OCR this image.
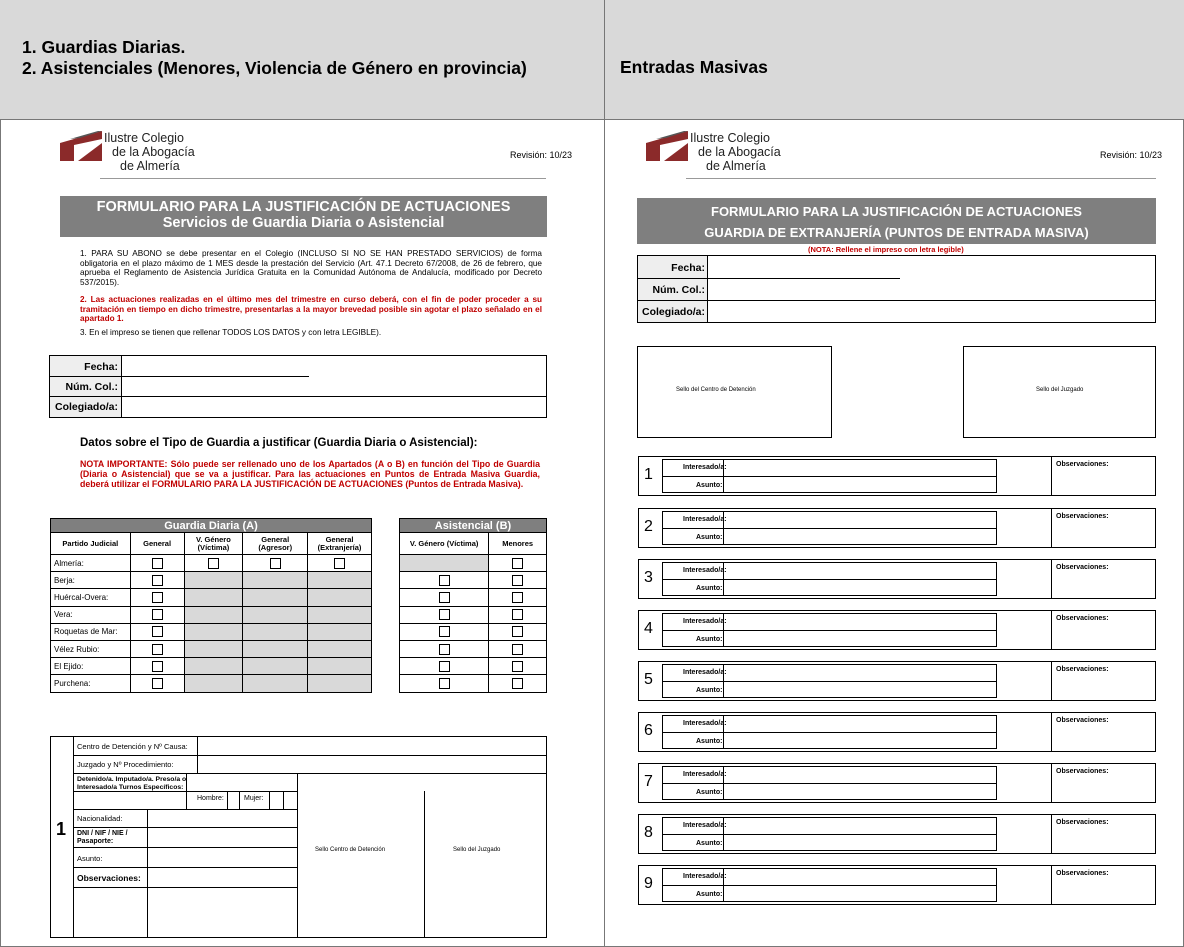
1. Guardias Diarias.
2. Asistenciales (Menores, Violencia de Género en provincia)	Entradas Masivas
Ilustre Colegio
de la Abogacía
de Almería
Revisión: 10/23
FORMULARIO PARA LA JUSTIFICACIÓN DE ACTUACIONES
Servicios de Guardia Diaria o Asistencial
1. PARA SU ABONO se debe presentar en el Colegio (INCLUSO SI NO SE HAN PRESTADO SERVICIOS) de forma obligatoria en el plazo máximo de 1 MES desde la prestación del Servicio (Art. 47.1 Decreto 67/2008, de 26 de febrero, que aprueba el Reglamento de Asistencia Jurídica Gratuita en la Comunidad Autónoma de Andalucía, modificado por Decreto 537/2015).
2. Las actuaciones realizadas en el último mes del trimestre en curso deberá, con el fin de poder proceder a su tramitación en tiempo en dicho trimestre, presentarlas a la mayor brevedad posible sin agotar el plazo señalado en el apartado 1.
3. En el impreso se tienen que rellenar TODOS LOS DATOS y con letra LEGIBLE).
Fecha:
Núm. Col.:
Colegiado/a:
Datos sobre el Tipo de Guardia a justificar (Guardia Diaria o Asistencial):
NOTA IMPORTANTE: Sólo puede ser rellenado uno de los Apartados (A o B) en función del Tipo de Guardia (Diaria o Asistencial) que se va a justificar. Para las actuaciones en Puntos de Entrada Masiva Guardia, deberá utilizar el FORMULARIO PARA LA JUSTIFICACIÓN DE ACTUACIONES (Puntos de Entrada Masiva).
Guardia Diaria (A)				
Partido Judicial	General	V. Género (Víctima)	General (Agresor)	General (Extranjería)
Almería:				
Berja:				
Huércal-Overa:				
Vera:				
Roquetas de Mar:				
Vélez Rubio:				
El Ejido:				
Purchena:				
Asistencial (B)	
V. Género (Víctima)	Menores

1
Centro de Detención y Nº Causa:
Juzgado y Nº Procedimiento:
Detenido/a. Imputado/a. Preso/a o Interesado/a Turnos Específicos:
Hombre:	Mujer:
Nacionalidad:
DNI / NIF / NIE / Pasaporte:
Asunto:
Observaciones:
Sello Centro de Detención	Sello del Juzgado
Ilustre Colegio
de la Abogacía
de Almería
Revisión: 10/23
FORMULARIO PARA LA JUSTIFICACIÓN DE ACTUACIONES
GUARDIA DE EXTRANJERÍA (PUNTOS DE ENTRADA MASIVA)
(NOTA: Rellene el impreso con letra legible)
Fecha:
Núm. Col.:
Colegiado/a:
Sello del Centro de Detención	Sello del Juzgado
1	Interesado/a:
Asunto:
Observaciones:
2	Interesado/a:
Asunto:
Observaciones:
3	Interesado/a:
Asunto:
Observaciones:
4	Interesado/a:
Asunto:
Observaciones:
5	Interesado/a:
Asunto:
Observaciones:
6	Interesado/a:
Asunto:
Observaciones:
7	Interesado/a:
Asunto:
Observaciones:
8	Interesado/a:
Asunto:
Observaciones:
9	Interesado/a:
Asunto:
Observaciones:
